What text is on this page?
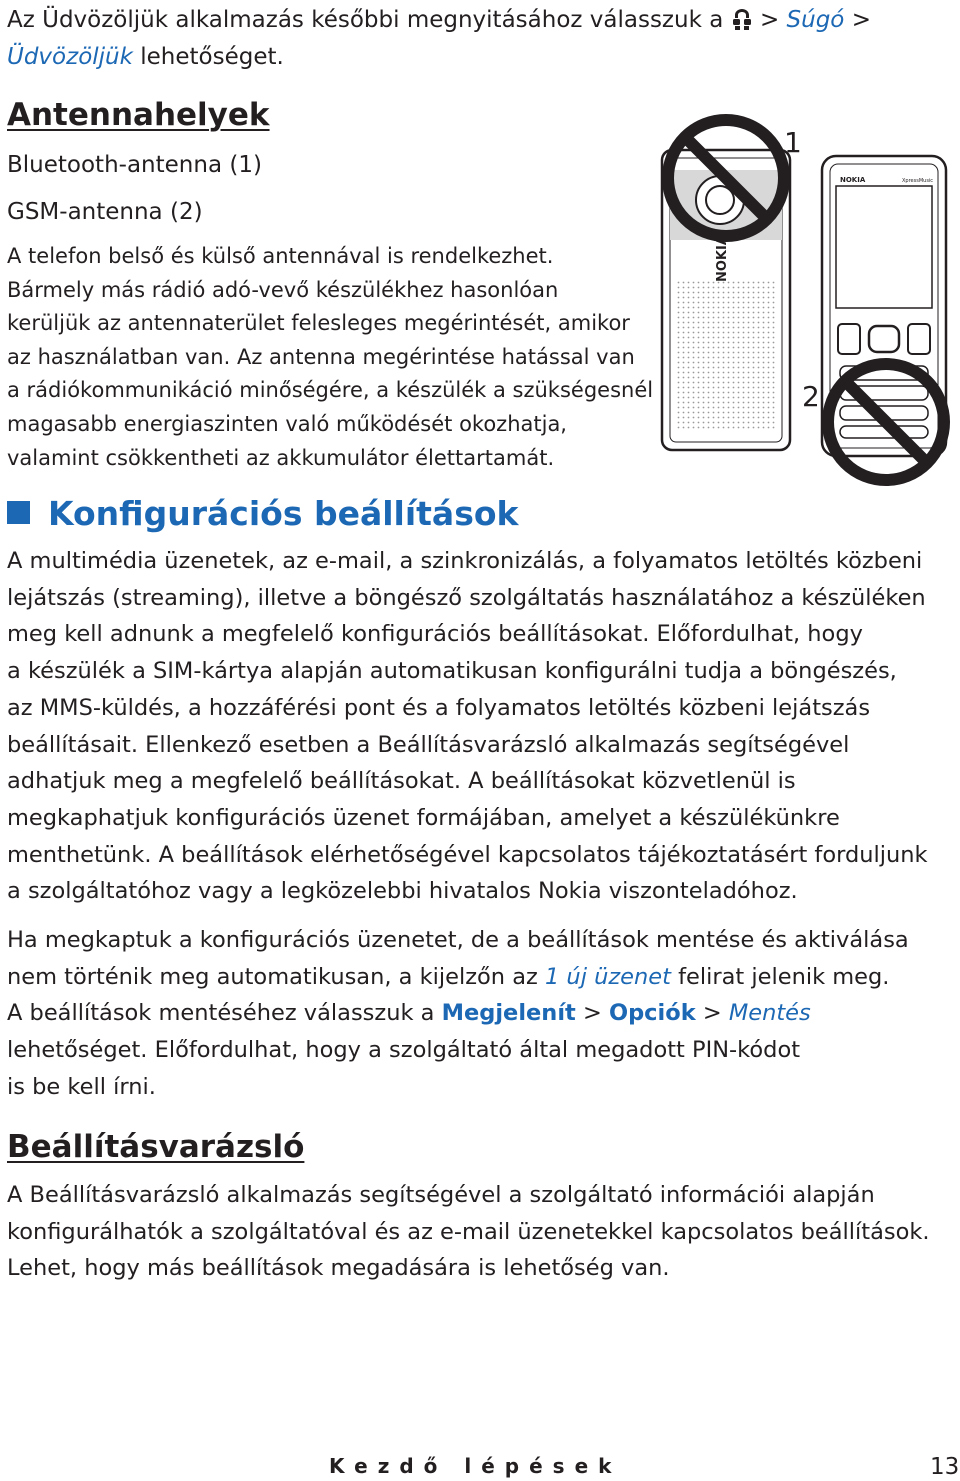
Az Üdvözöljük alkalmazás későbbi megnyitásához válasszuk a > Súgó >
Üdvözöljük lehetőséget.
Antennahelyek
Bluetooth-antenna (1)
GSM-antenna (2)
A telefon belső és külső antennával is rendelkezhet.
Bármely más rádió adó-vevő készülékhez hasonlóan
kerüljük az antennaterület felesleges megérintését, amikor
az használatban van. Az antenna megérintése hatással van
a rádiókommunikáció minőségére, a készülék a szükségesnél
magasabb energiaszinten való működését okozhatja,
valamint csökkentheti az akkumulátor élettartamát.
NOKIA
1
NOKIA	XpressMusic
2
Konfigurációs beállítások
A multimédia üzenetek, az e-mail, a szinkronizálás, a folyamatos letöltés közbeni
lejátszás (streaming), illetve a böngésző szolgáltatás használatához a készüléken
meg kell adnunk a megfelelő konfigurációs beállításokat. Előfordulhat, hogy
a készülék a SIM-kártya alapján automatikusan konfigurálni tudja a böngészés,
az MMS-küldés, a hozzáférési pont és a folyamatos letöltés közbeni lejátszás
beállításait. Ellenkező esetben a Beállításvarázsló alkalmazás segítségével
adhatjuk meg a megfelelő beállításokat. A beállításokat közvetlenül is
megkaphatjuk konfigurációs üzenet formájában, amelyet a készülékünkre
menthetünk. A beállítások elérhetőségével kapcsolatos tájékoztatásért forduljunk
a szolgáltatóhoz vagy a legközelebbi hivatalos Nokia viszonteladóhoz.
Ha megkaptuk a konfigurációs üzenetet, de a beállítások mentése és aktiválása
nem történik meg automatikusan, a kijelzőn az 1 új üzenet felirat jelenik meg.
A beállítások mentéséhez válasszuk a Megjelenít > Opciók > Mentés
lehetőséget. Előfordulhat, hogy a szolgáltató által megadott PIN-kódot
is be kell írni.
Beállításvarázsló
A Beállításvarázsló alkalmazás segítségével a szolgáltató információi alapján
konfigurálhatók a szolgáltatóval és az e-mail üzenetekkel kapcsolatos beállítások.
Lehet, hogy más beállítások megadására is lehetőség van.
Kezdő lépések	13
